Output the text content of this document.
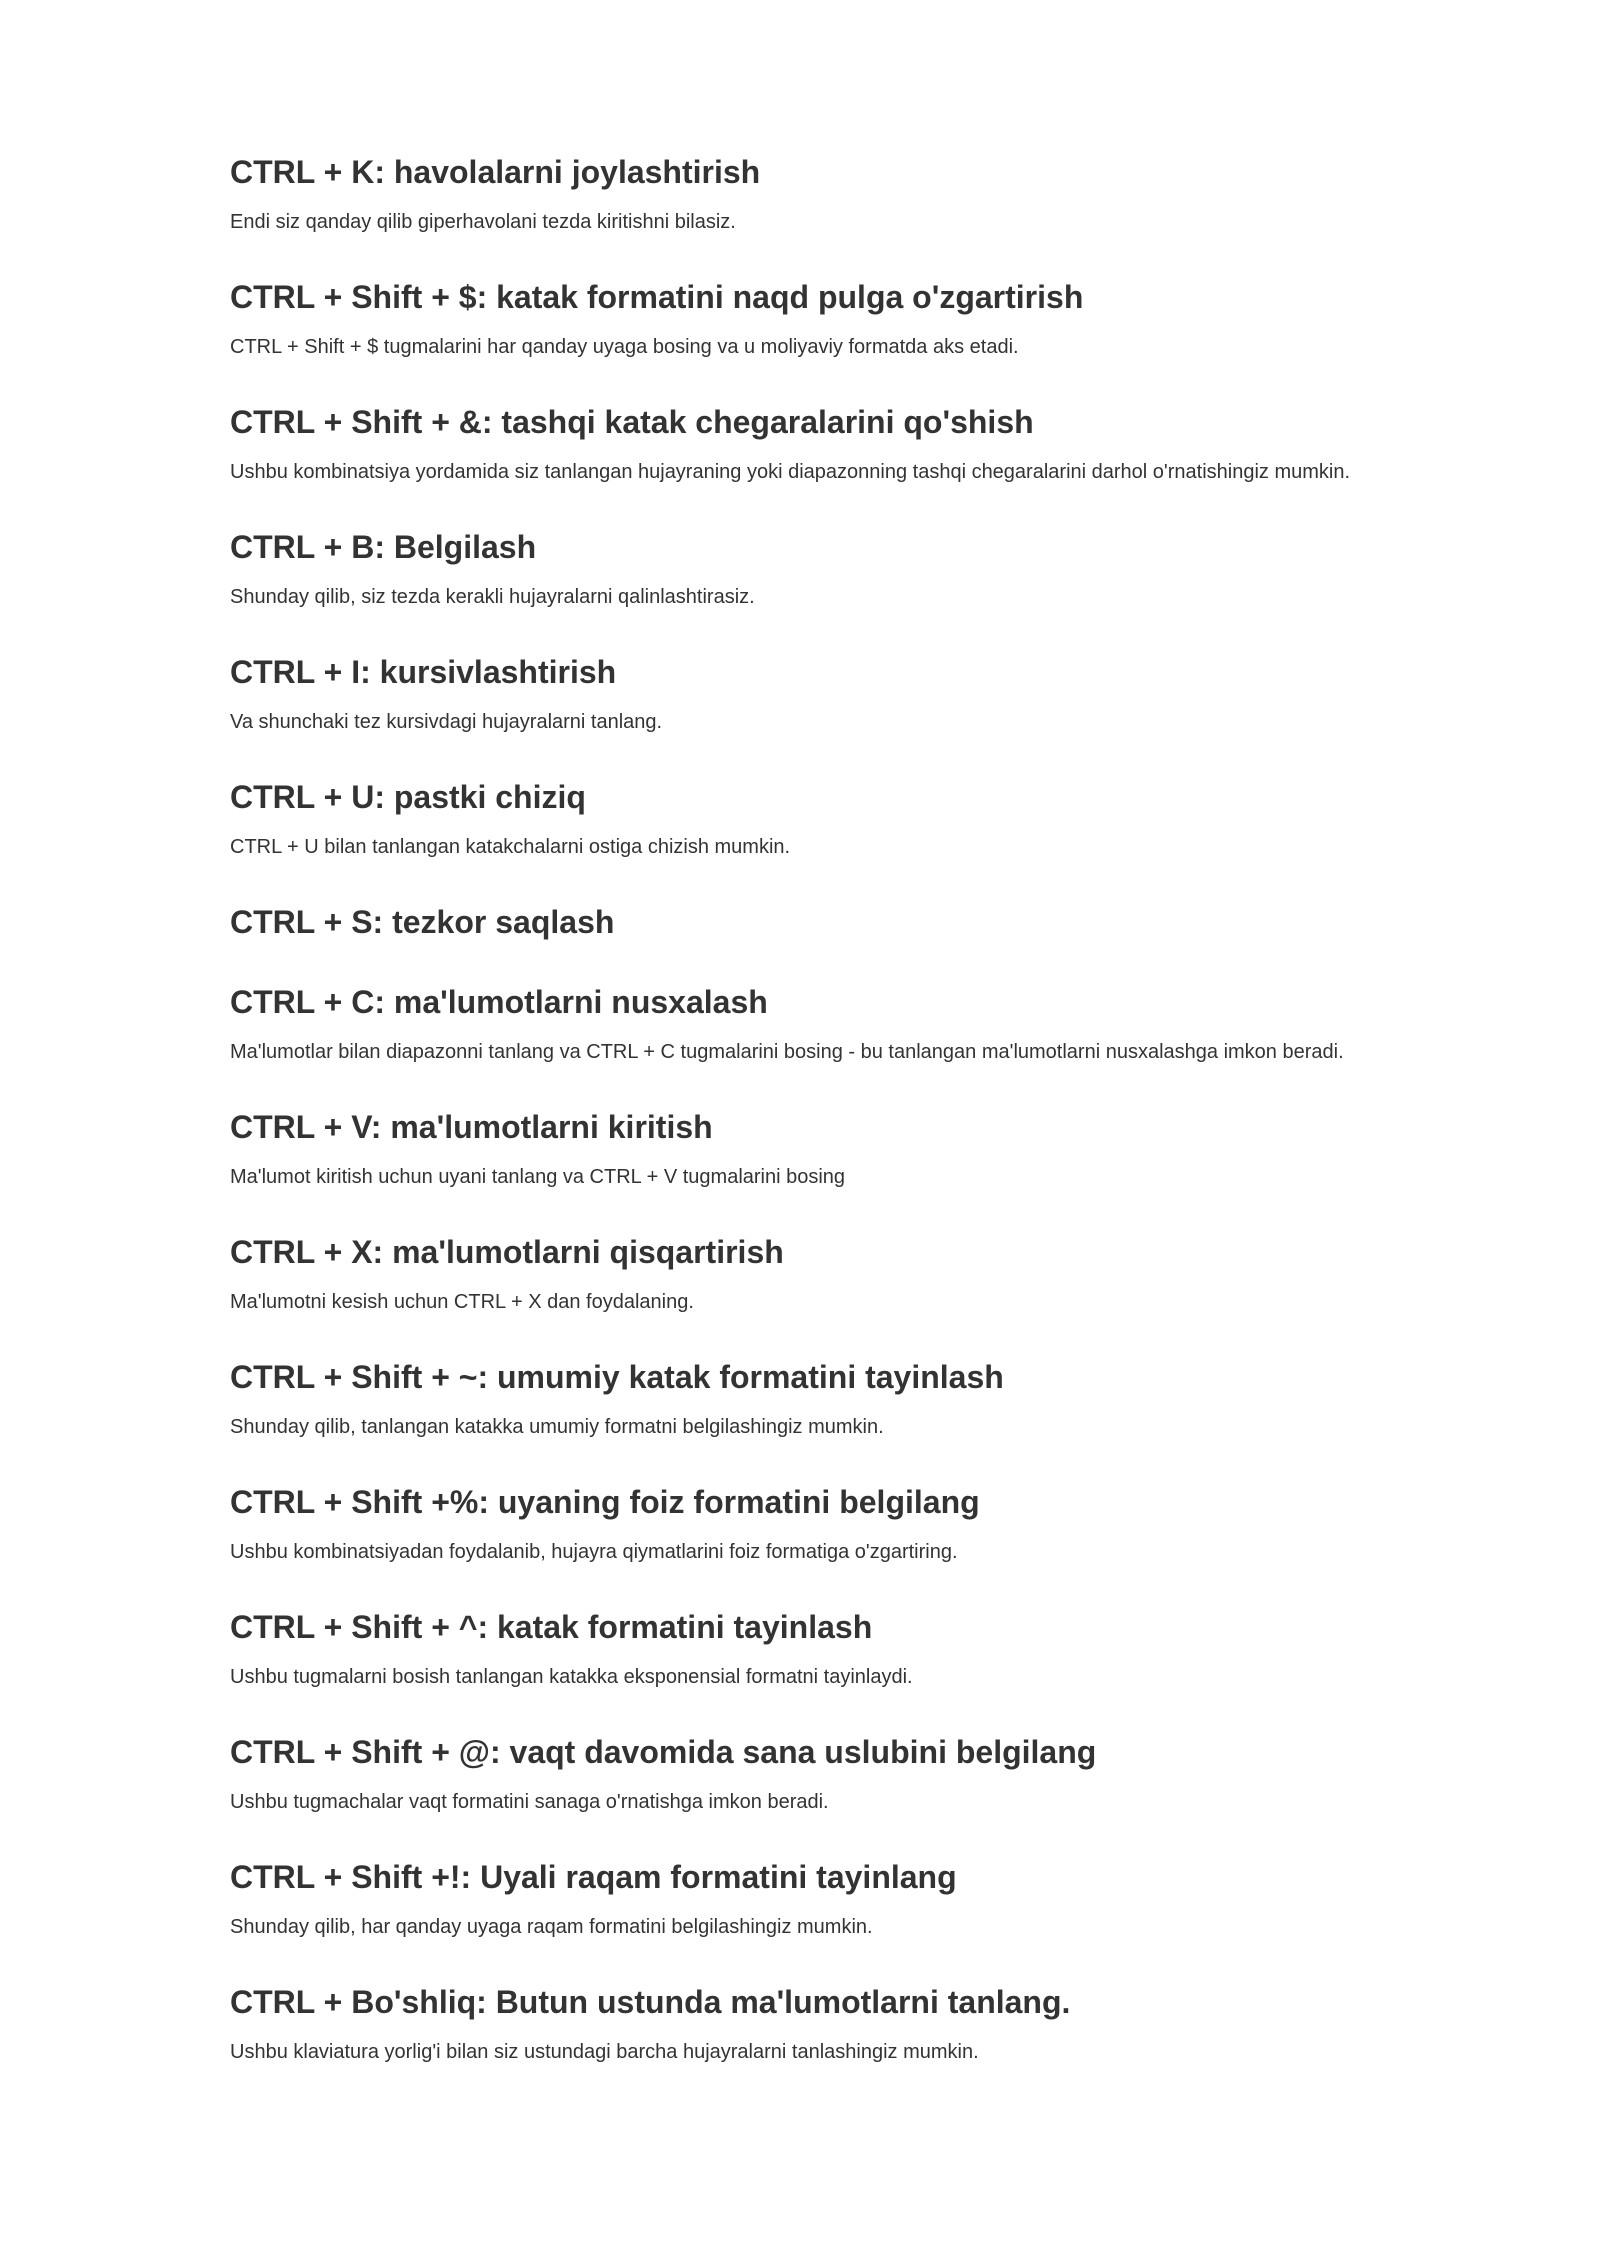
CTRL + K: havolalarni joylashtirish

Endi siz qanday qilib giperhavolani tezda kiritishni bilasiz.

CTRL + Shift + $: katak formatini naqd pulga o'zgartirish

CTRL + Shift + $ tugmalarini har qanday uyaga bosing va u moliyaviy formatda aks etadi.

CTRL + Shift + &: tashqi katak chegaralarini qo'shish

Ushbu kombinatsiya yordamida siz tanlangan hujayraning yoki diapazonning tashqi chegaralarini darhol o'rnatishingiz mumkin.

CTRL + B: Belgilash

Shunday qilib, siz tezda kerakli hujayralarni qalinlashtirasiz.

CTRL + I: kursivlashtirish

Va shunchaki tez kursivdagi hujayralarni tanlang.

CTRL + U: pastki chiziq

CTRL + U bilan tanlangan katakchalarni ostiga chizish mumkin.

CTRL + S: tezkor saqlash
CTRL + C: ma'lumotlarni nusxalash

Ma'lumotlar bilan diapazonni tanlang va CTRL + C tugmalarini bosing - bu tanlangan ma'lumotlarni nusxalashga imkon beradi.

CTRL + V: ma'lumotlarni kiritish

Ma'lumot kiritish uchun uyani tanlang va CTRL + V tugmalarini bosing

CTRL + X: ma'lumotlarni qisqartirish

Ma'lumotni kesish uchun CTRL + X dan foydalaning.

CTRL + Shift + ~: umumiy katak formatini tayinlash

Shunday qilib, tanlangan katakka umumiy formatni belgilashingiz mumkin.

CTRL + Shift +%: uyaning foiz formatini belgilang

Ushbu kombinatsiyadan foydalanib, hujayra qiymatlarini foiz formatiga o'zgartiring.

CTRL + Shift + ^: katak formatini tayinlash

Ushbu tugmalarni bosish tanlangan katakka eksponensial formatni tayinlaydi.

CTRL + Shift + @: vaqt davomida sana uslubini belgilang

Ushbu tugmachalar vaqt formatini sanaga o'rnatishga imkon beradi.

CTRL + Shift +!: Uyali raqam formatini tayinlang

Shunday qilib, har qanday uyaga raqam formatini belgilashingiz mumkin.

CTRL + Bo'shliq: Butun ustunda ma'lumotlarni tanlang.

Ushbu klaviatura yorlig'i bilan siz ustundagi barcha hujayralarni tanlashingiz mumkin.
